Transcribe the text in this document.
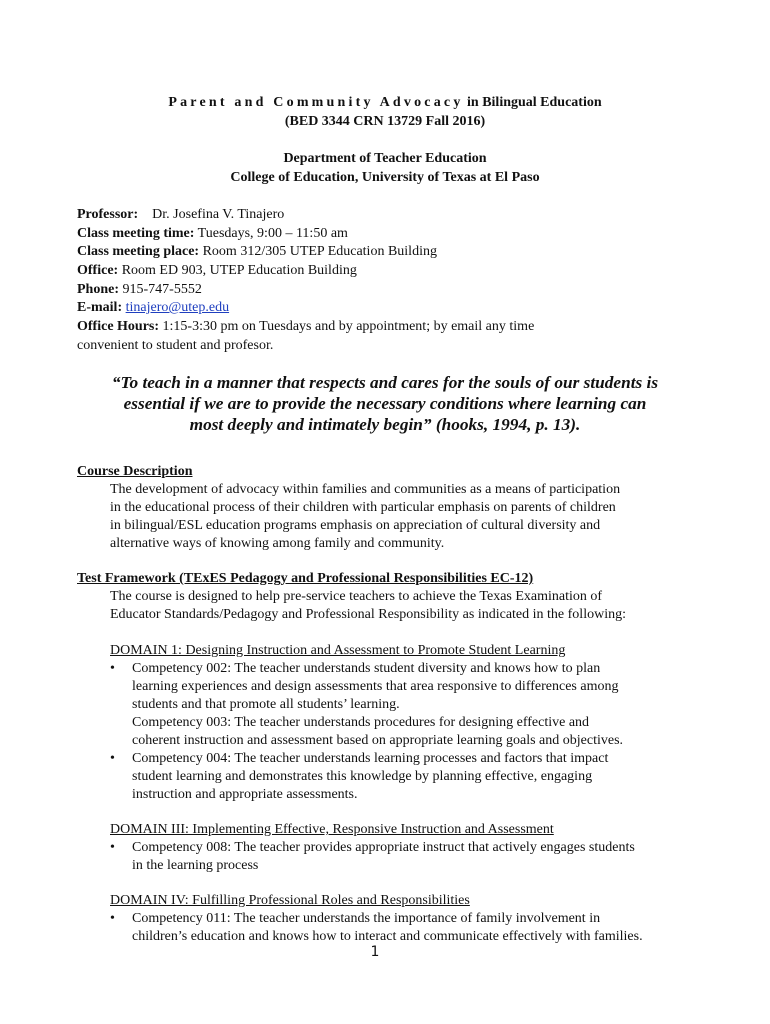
Parent and Community Advocacy in Bilingual Education
(BED 3344 CRN 13729 Fall 2016)
Department of Teacher Education
College of Education, University of Texas at El Paso
Professor: Dr. Josefina V. Tinajero
Class meeting time: Tuesdays, 9:00 – 11:50 am
Class meeting place: Room 312/305 UTEP Education Building
Office: Room ED 903, UTEP Education Building
Phone: 915-747-5552
E-mail: tinajero@utep.edu
Office Hours: 1:15-3:30 pm on Tuesdays and by appointment; by email any time
convenient to student and profesor.
“To teach in a manner that respects and cares for the souls of our students is
essential if we are to provide the necessary conditions where learning can
most deeply and intimately begin” (hooks, 1994, p. 13).
Course Description
The development of advocacy within families and communities as a means of participation
in the educational process of their children with particular emphasis on parents of children
in bilingual/ESL education programs emphasis on appreciation of cultural diversity and
alternative ways of knowing among family and community.
Test Framework (TExES Pedagogy and Professional Responsibilities EC-12)
The course is designed to help pre-service teachers to achieve the Texas Examination of
Educator Standards/Pedagogy and Professional Responsibility as indicated in the following:
DOMAIN 1: Designing Instruction and Assessment to Promote Student Learning
•	Competency 002: The teacher understands student diversity and knows how to plan
learning experiences and design assessments that area responsive to differences among
students and that promote all students’ learning.
Competency 003: The teacher understands procedures for designing effective and
coherent instruction and assessment based on appropriate learning goals and objectives.
•	Competency 004: The teacher understands learning processes and factors that impact
student learning and demonstrates this knowledge by planning effective, engaging
instruction and appropriate assessments.
DOMAIN III: Implementing Effective, Responsive Instruction and Assessment
•	Competency 008: The teacher provides appropriate instruct that actively engages students
in the learning process
DOMAIN IV: Fulfilling Professional Roles and Responsibilities
•	Competency 011: The teacher understands the importance of family involvement in
children’s education and knows how to interact and communicate effectively with families.
1
